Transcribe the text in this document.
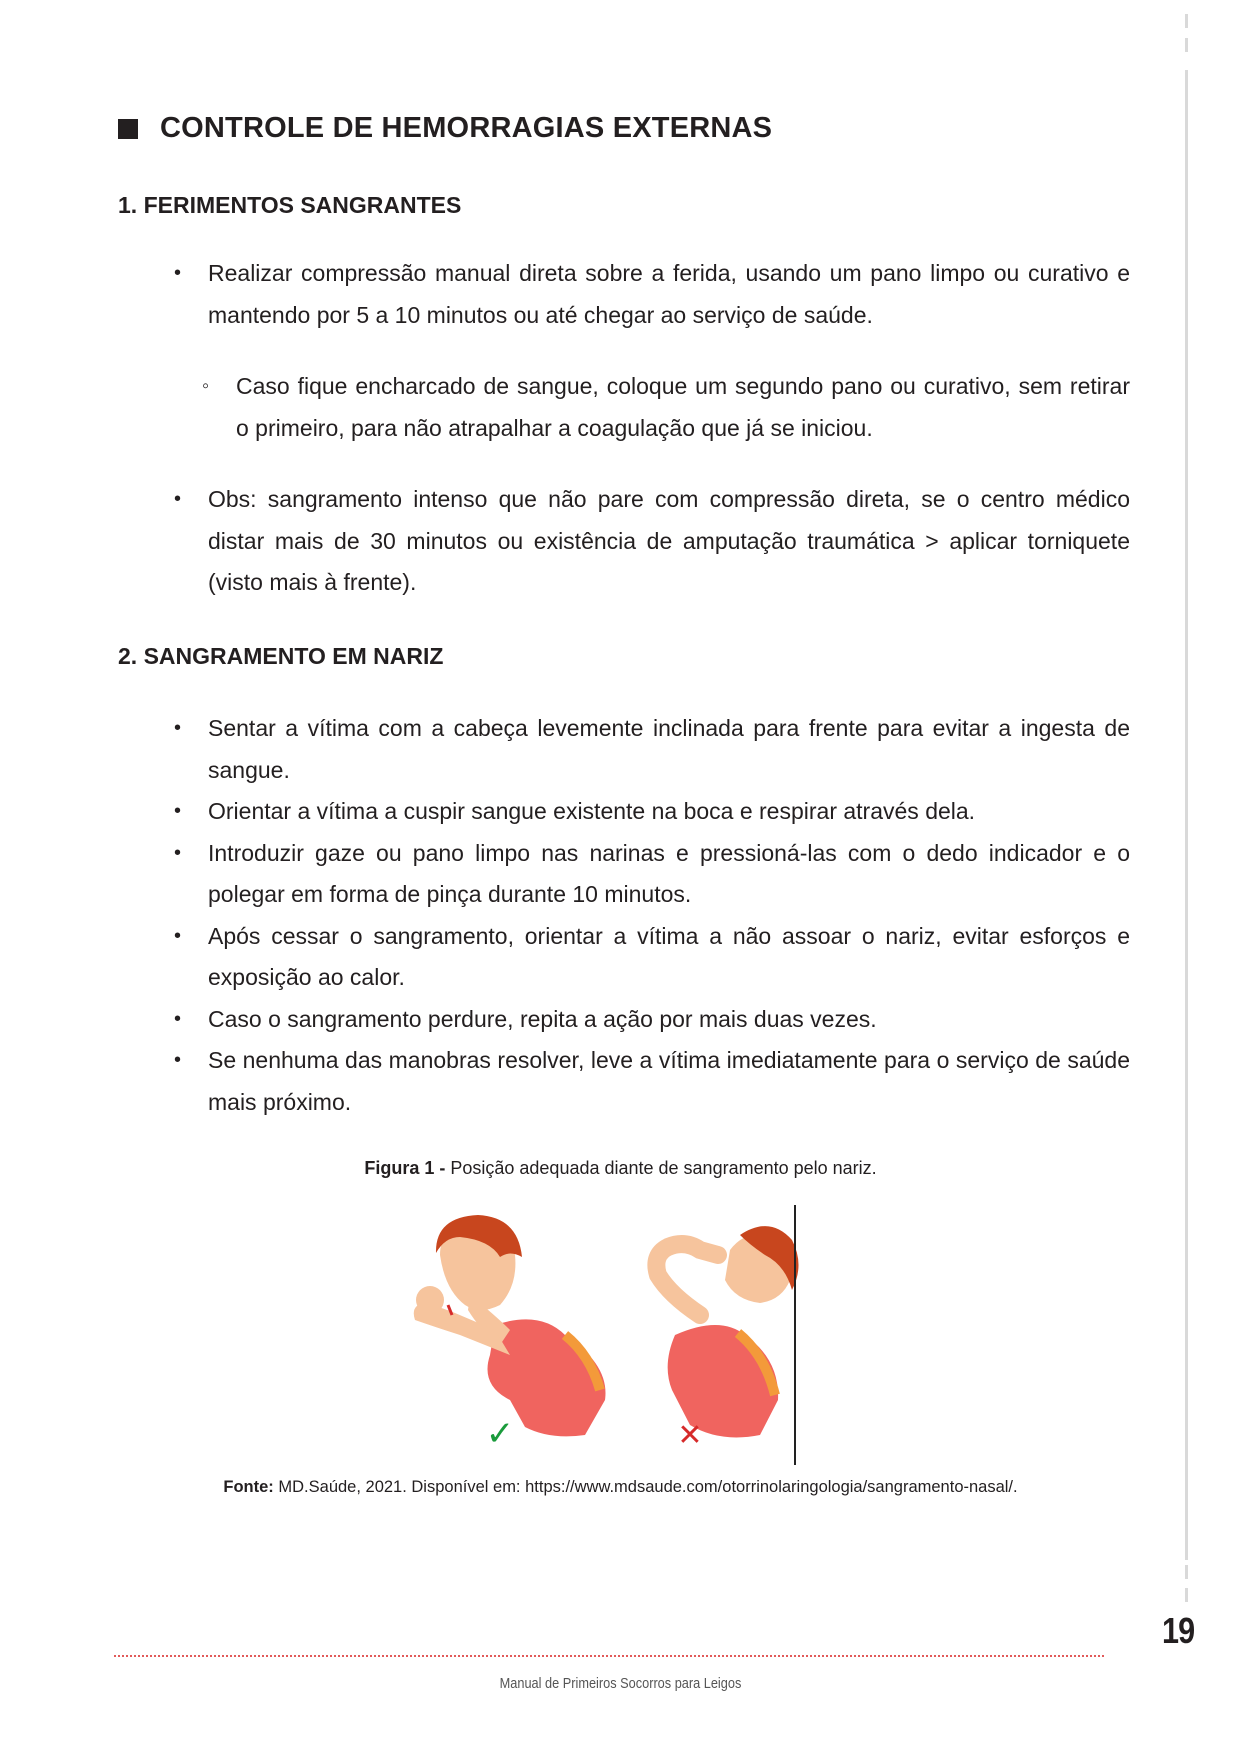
CONTROLE DE HEMORRAGIAS EXTERNAS
1. FERIMENTOS SANGRANTES
• Realizar compressão manual direta sobre a ferida, usando um pano limpo ou curativo e mantendo por 5 a 10 minutos ou até chegar ao serviço de saúde.
◦ Caso fique encharcado de sangue, coloque um segundo pano ou curativo, sem retirar o primeiro, para não atrapalhar a coagulação que já se iniciou.
• Obs: sangramento intenso que não pare com compressão direta, se o centro médico distar mais de 30 minutos ou existência de amputação traumática > aplicar torniquete (visto mais à frente).
2. SANGRAMENTO EM NARIZ
• Sentar a vítima com a cabeça levemente inclinada para frente para evitar a ingesta de sangue.
• Orientar a vítima a cuspir sangue existente na boca e respirar através dela.
• Introduzir gaze ou pano limpo nas narinas e pressioná-las com o dedo indicador e o polegar em forma de pinça durante 10 minutos.
• Após cessar o sangramento, orientar a vítima a não assoar o nariz, evitar esforços e exposição ao calor.
• Caso o sangramento perdure, repita a ação por mais duas vezes.
• Se nenhuma das manobras resolver, leve a vítima imediatamente para o serviço de saúde mais próximo.
Figura 1 - Posição adequada diante de sangramento pelo nariz.
✓	✕
Fonte: MD.Saúde, 2021. Disponível em: https://www.mdsaude.com/otorrinolaringologia/sangramento-nasal/.
19
Manual de Primeiros Socorros para Leigos
